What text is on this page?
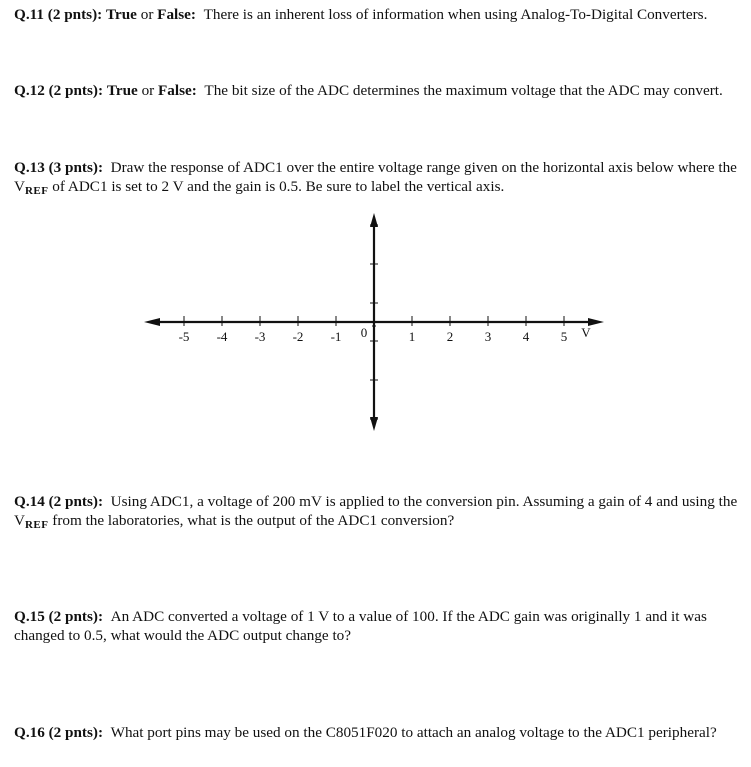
Q.11 (2 pnts): True or False: There is an inherent loss of information when using Analog-To-Digital Converters.
Q.12 (2 pnts): True or False: The bit size of the ADC determines the maximum voltage that the ADC may convert.
Q.13 (3 pnts): Draw the response of ADC1 over the entire voltage range given on the horizontal axis below where the $V_{REF}$ of ADC1 is set to 2 V and the gain is 0.5. Be sure to label the vertical axis.
-5 -4 -3 -2 -1 0	1 2 3 4 5 V
Q.14 (2 pnts): Using ADC1, a voltage of 200 mV is applied to the conversion pin. Assuming a gain of 4 and using the $V_{REF}$ from the laboratories, what is the output of the ADC1 conversion?
Q.15 (2 pnts): An ADC converted a voltage of 1 V to a value of 100. If the ADC gain was originally 1 and it was changed to 0.5, what would the ADC output change to?
Q.16 (2 pnts): What port pins may be used on the C8051F020 to attach an analog voltage to the ADC1 peripheral?
